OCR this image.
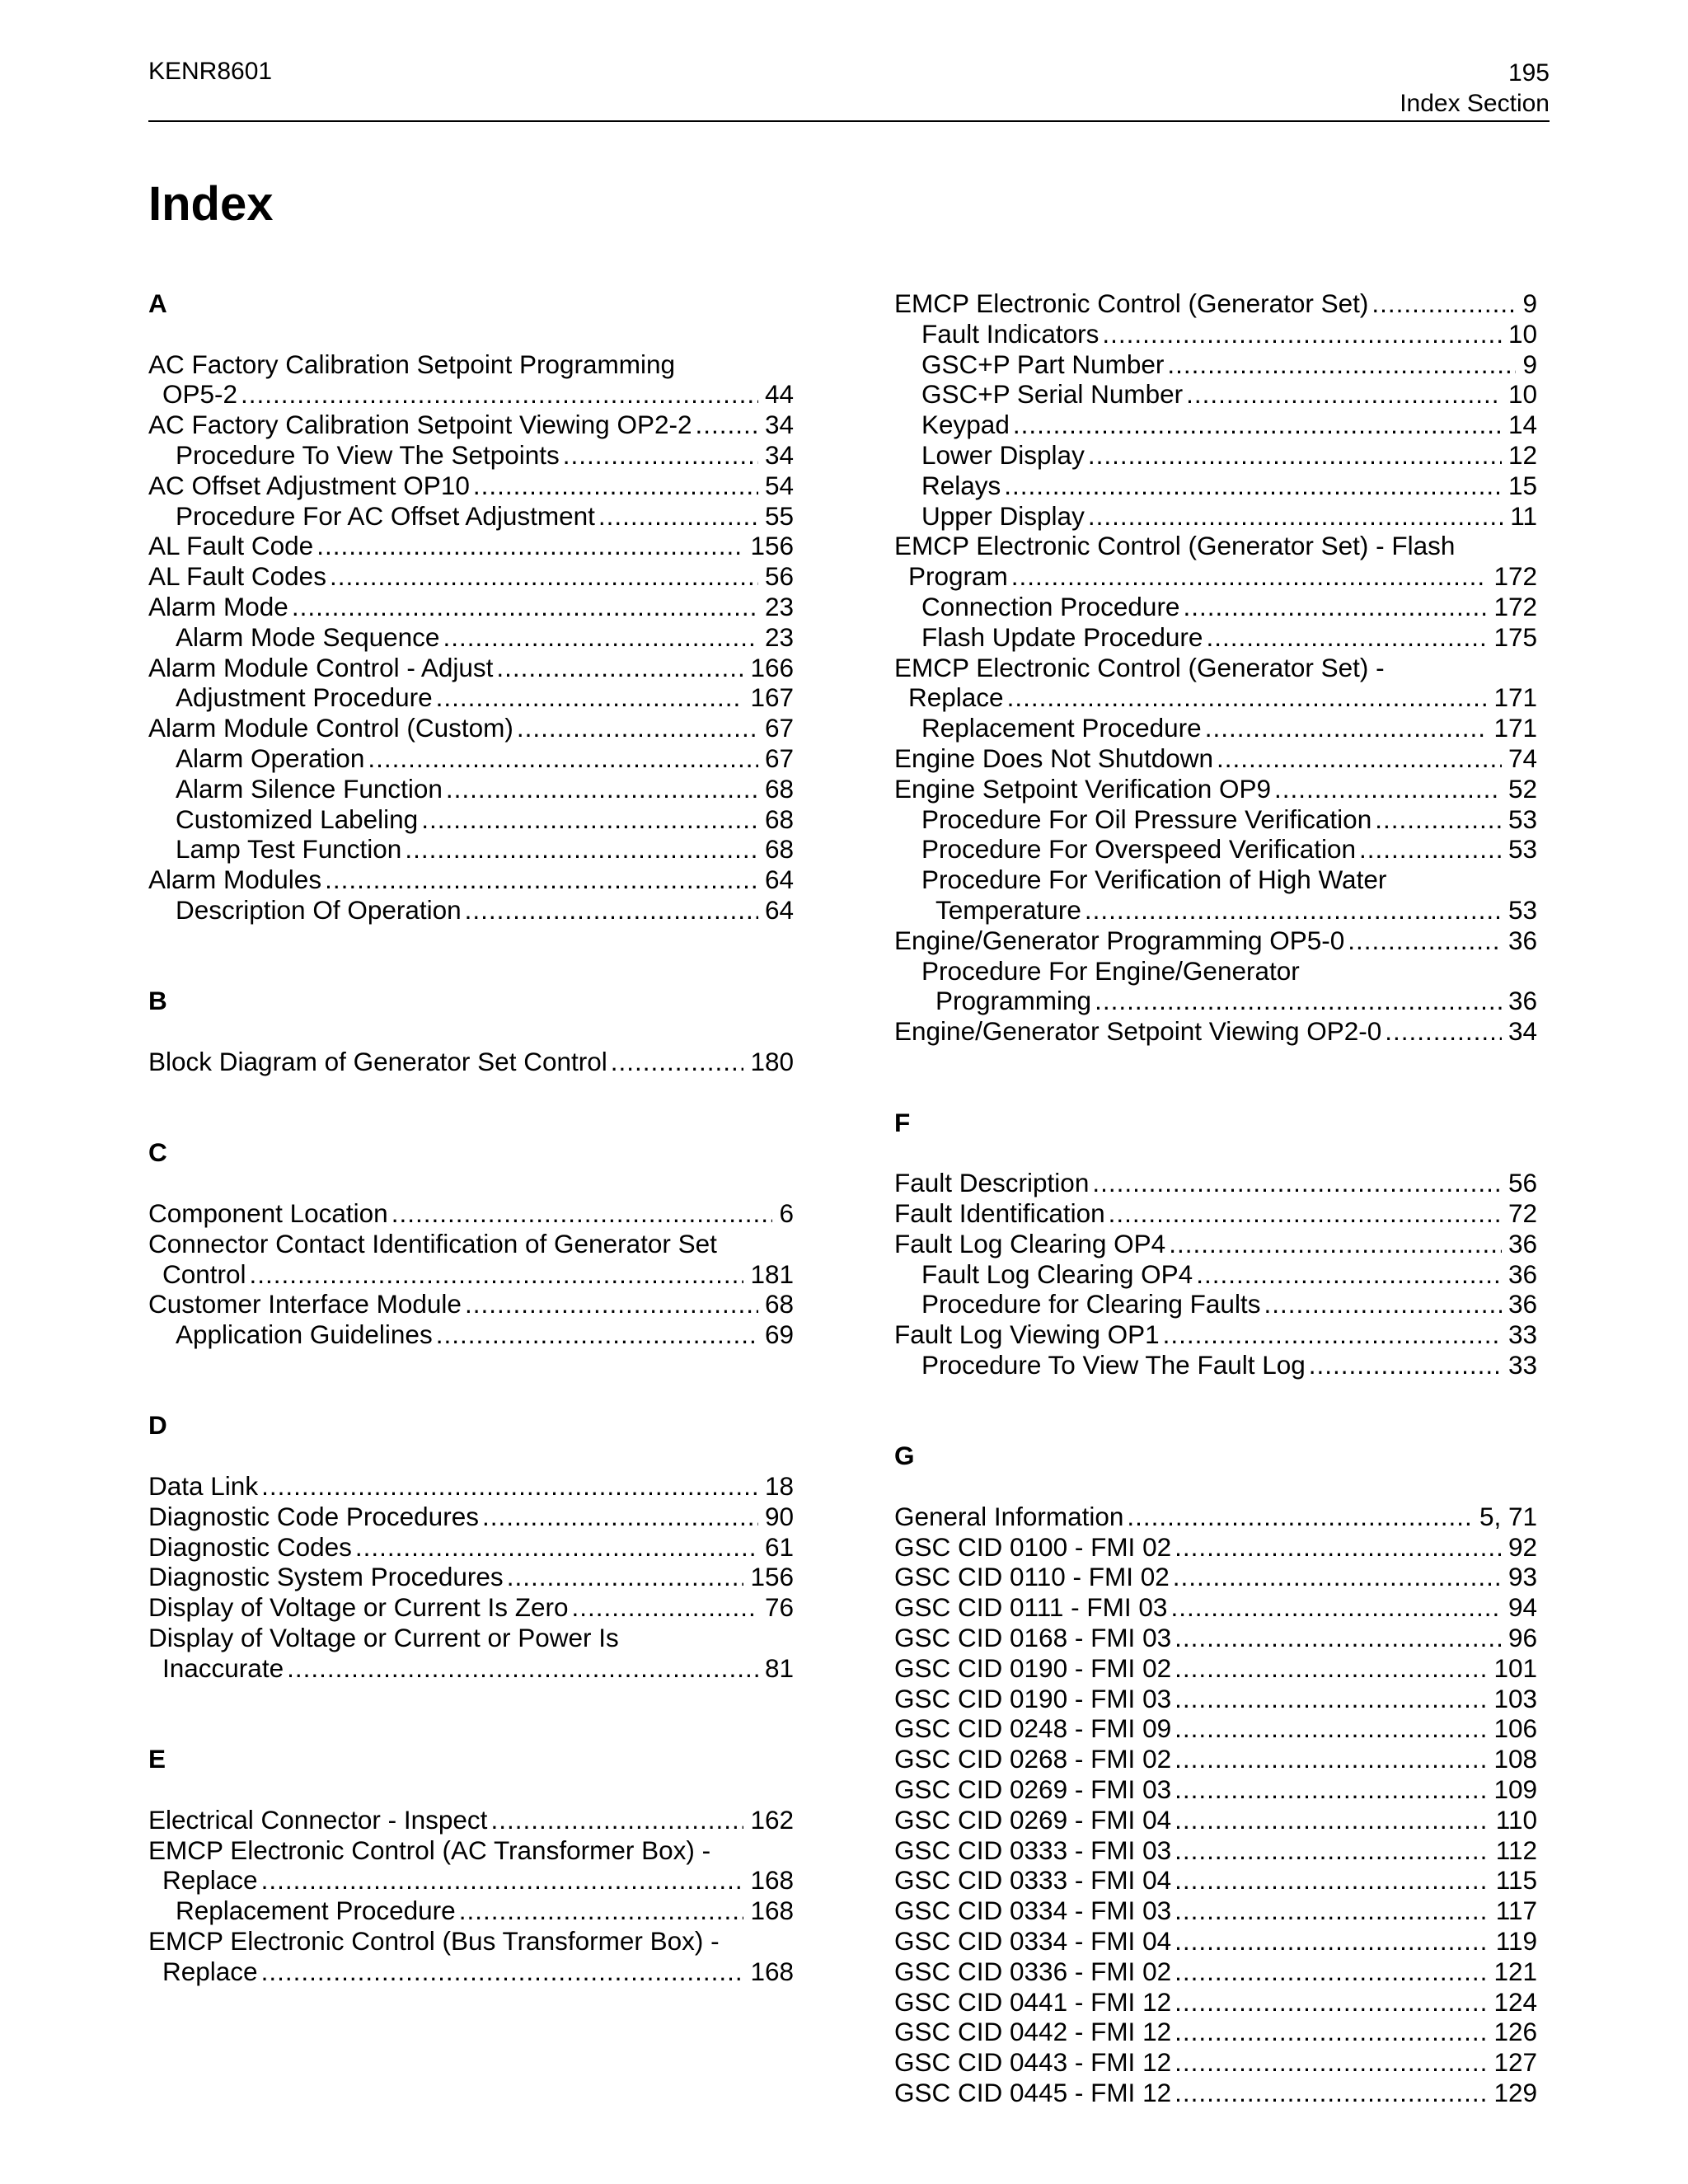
KENR8601	195
Index Section
Index
A
AC Factory Calibration Setpoint Programming
OP5-2 .....	44
AC Factory Calibration Setpoint Viewing OP2-2 .....	34
Procedure To View The Setpoints .....	34
AC Offset Adjustment OP10 .....	54
Procedure For AC Offset Adjustment .....	55
AL Fault Code .....	156
AL Fault Codes .....	56
Alarm Mode .....	23
Alarm Mode Sequence .....	23
Alarm Module Control - Adjust .....	166
Adjustment Procedure .....	167
Alarm Module Control (Custom) .....	67
Alarm Operation .....	67
Alarm Silence Function .....	68
Customized Labeling .....	68
Lamp Test Function .....	68
Alarm Modules .....	64
Description Of Operation .....	64
B
Block Diagram of Generator Set Control .....	180
C
Component Location .....	6
Connector Contact Identification of Generator Set
Control .....	181
Customer Interface Module .....	68
Application Guidelines .....	69
D
Data Link .....	18
Diagnostic Code Procedures .....	90
Diagnostic Codes .....	61
Diagnostic System Procedures .....	156
Display of Voltage or Current Is Zero .....	76
Display of Voltage or Current or Power Is
Inaccurate .....	81
E
Electrical Connector - Inspect .....	162
EMCP Electronic Control (AC Transformer Box) -
Replace .....	168
Replacement Procedure .....	168
EMCP Electronic Control (Bus Transformer Box) -
Replace .....	168
EMCP Electronic Control (Generator Set) .....	9
Fault Indicators .....	10
GSC+P Part Number .....	9
GSC+P Serial Number .....	10
Keypad .....	14
Lower Display .....	12
Relays .....	15
Upper Display .....	11
EMCP Electronic Control (Generator Set) - Flash
Program .....	172
Connection Procedure .....	172
Flash Update Procedure .....	175
EMCP Electronic Control (Generator Set) -
Replace .....	171
Replacement Procedure .....	171
Engine Does Not Shutdown .....	74
Engine Setpoint Verification OP9 .....	52
Procedure For Oil Pressure Verification .....	53
Procedure For Overspeed Verification .....	53
Procedure For Verification of High Water
Temperature .....	53
Engine/Generator Programming OP5-0 .....	36
Procedure For Engine/Generator
Programming .....	36
Engine/Generator Setpoint Viewing OP2-0 .....	34
F
Fault Description .....	56
Fault Identification .....	72
Fault Log Clearing OP4 .....	36
Fault Log Clearing OP4 .....	36
Procedure for Clearing Faults .....	36
Fault Log Viewing OP1 .....	33
Procedure To View The Fault Log .....	33
G
General Information .....	5, 71
GSC CID 0100 - FMI 02 .....	92
GSC CID 0110 - FMI 02 .....	93
GSC CID 0111 - FMI 03 .....	94
GSC CID 0168 - FMI 03 .....	96
GSC CID 0190 - FMI 02 .....	101
GSC CID 0190 - FMI 03 .....	103
GSC CID 0248 - FMI 09 .....	106
GSC CID 0268 - FMI 02 .....	108
GSC CID 0269 - FMI 03 .....	109
GSC CID 0269 - FMI 04 .....	110
GSC CID 0333 - FMI 03 .....	112
GSC CID 0333 - FMI 04 .....	115
GSC CID 0334 - FMI 03 .....	117
GSC CID 0334 - FMI 04 .....	119
GSC CID 0336 - FMI 02 .....	121
GSC CID 0441 - FMI 12 .....	124
GSC CID 0442 - FMI 12 .....	126
GSC CID 0443 - FMI 12 .....	127
GSC CID 0445 - FMI 12 .....	129
